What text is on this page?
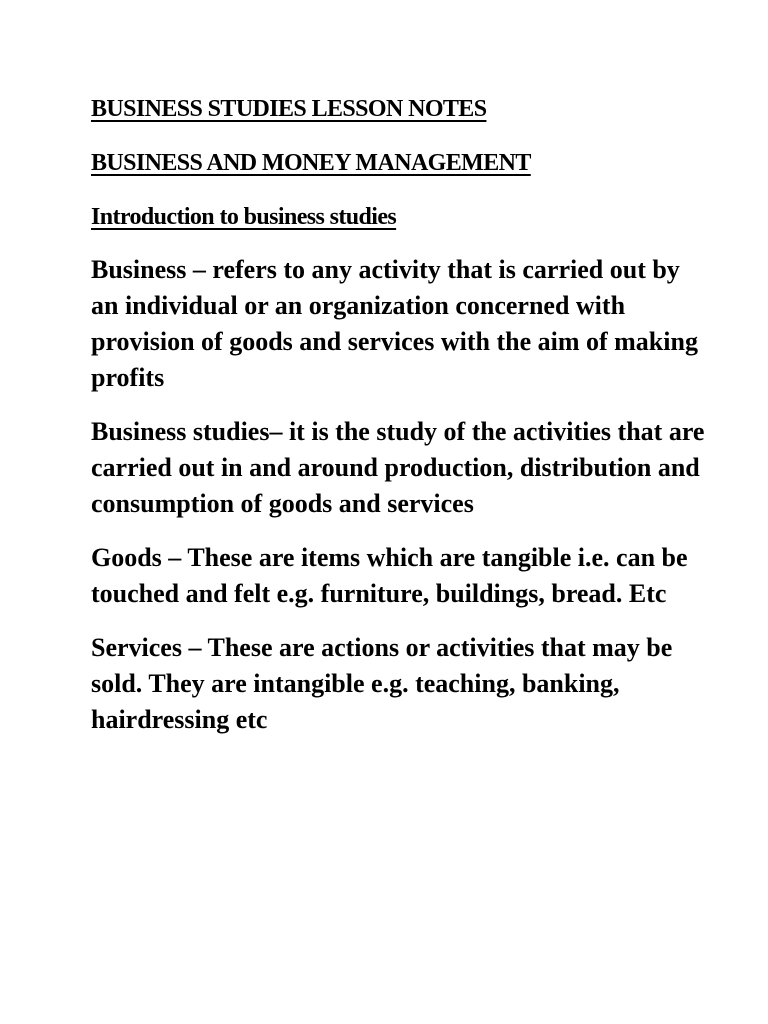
BUSINESS STUDIES LESSON NOTES
BUSINESS AND MONEY MANAGEMENT
Introduction to business studies

Business – refers to any activity that is carried out by an individual or an organization concerned with provision of goods and services with the aim of making profits

Business studies– it is the study of the activities that are carried out in and around production, distribution and consumption of goods and services

Goods – These are items which are tangible i.e. can be touched and felt e.g. furniture, buildings, bread. Etc

Services – These are actions or activities that may be sold. They are intangible e.g. teaching, banking, hairdressing etc
